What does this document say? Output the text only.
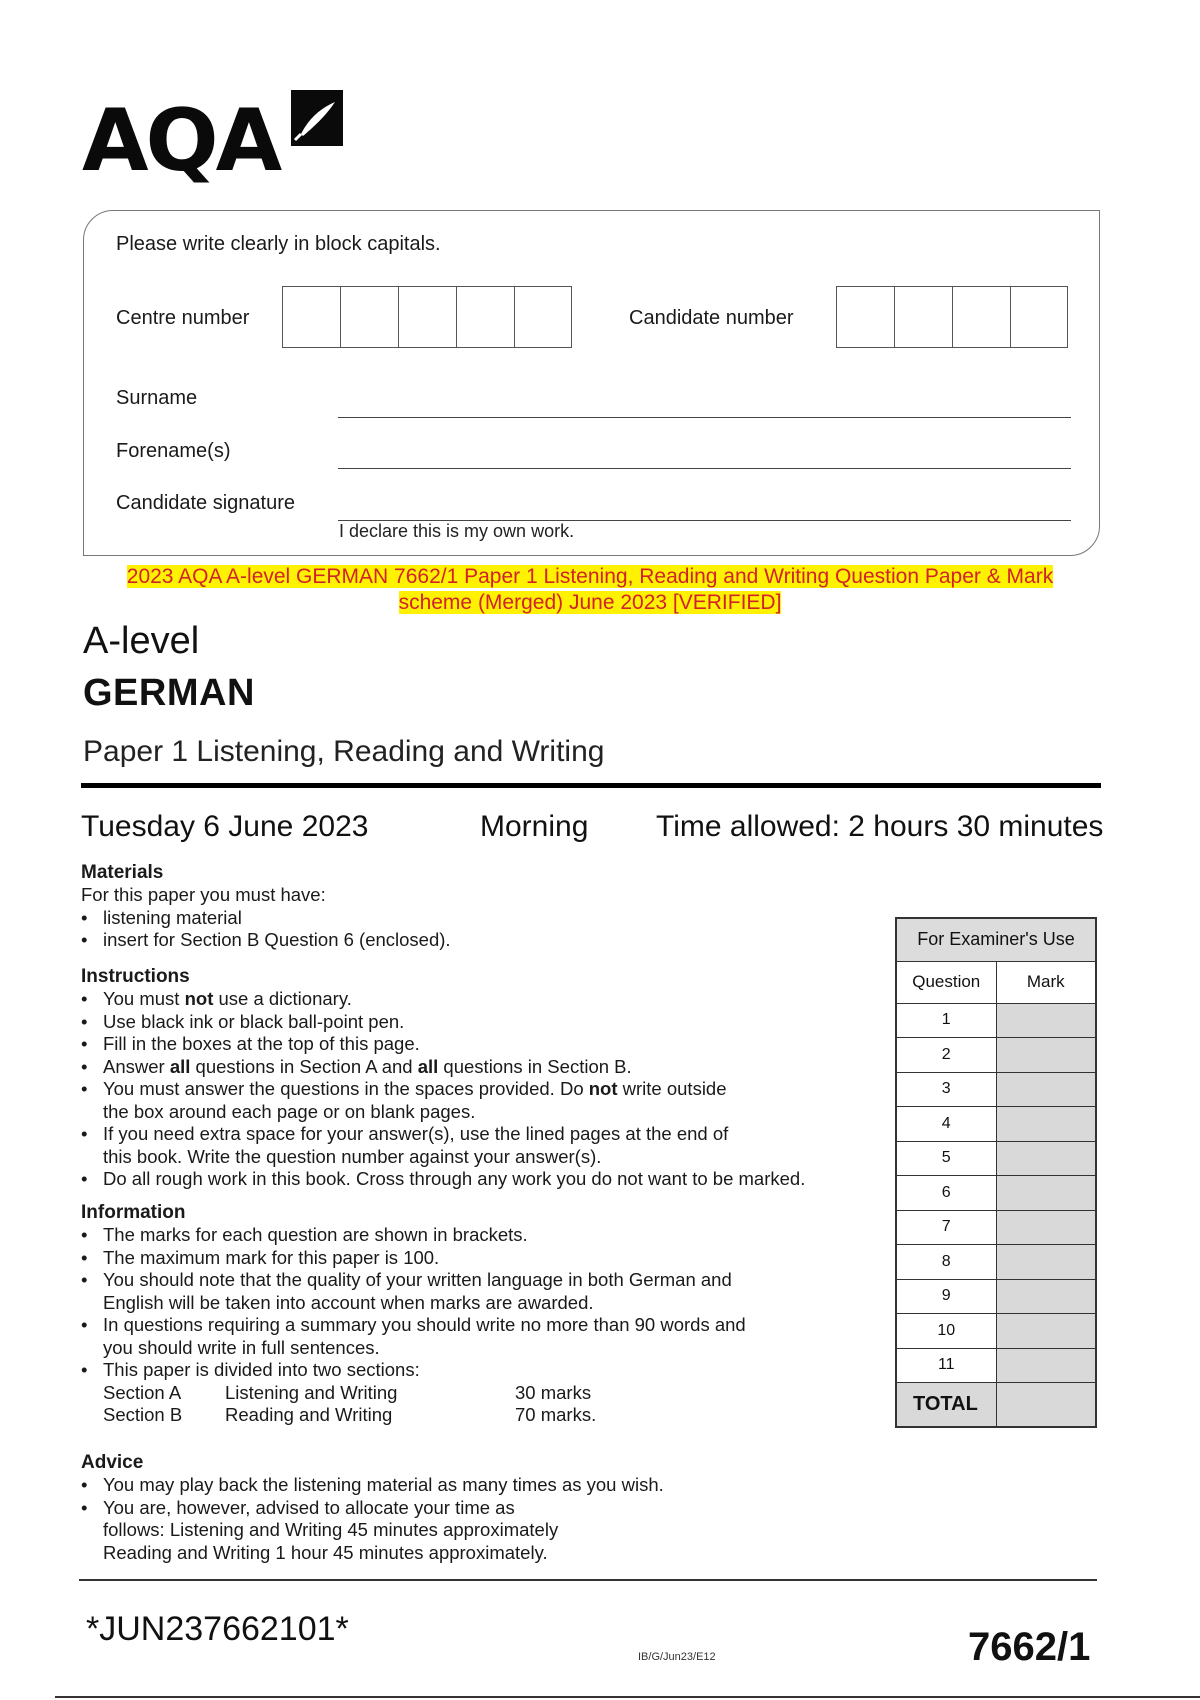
AQA
Please write clearly in block capitals.
Centre number	Candidate number
Surname
Forename(s)
Candidate signature
I declare this is my own work.
2023 AQA A-level GERMAN 7662/1 Paper 1 Listening, Reading and Writing Question Paper & Mark
scheme (Merged) June 2023 [VERIFIED]
A-level
GERMAN
Paper 1 Listening, Reading and Writing
Tuesday 6 June 2023	Morning Time allowed: 2 hours 30 minutes
Materials
For this paper you must have:
• listening material
• insert for Section B Question 6 (enclosed).
Instructions
• You must not use a dictionary.
• Use black ink or black ball-point pen.
• Fill in the boxes at the top of this page.
• Answer all questions in Section A and all questions in Section B.
• You must answer the questions in the spaces provided. Do not write outside
the box around each page or on blank pages.
• If you need extra space for your answer(s), use the lined pages at the end of
this book. Write the question number against your answer(s).
• Do all rough work in this book. Cross through any work you do not want to be marked.
Information
• The marks for each question are shown in brackets.
• The maximum mark for this paper is 100.
• You should note that the quality of your written language in both German and
English will be taken into account when marks are awarded.
• In questions requiring a summary you should write no more than 90 words and
you should write in full sentences.
• This paper is divided into two sections:
Section A	Listening and Writing	30 marks
Section B	Reading and Writing	70 marks.
Advice
• You may play back the listening material as many times as you wish.
• You are, however, advised to allocate your time as
follows: Listening and Writing 45 minutes approximately
Reading and Writing 1 hour 45 minutes approximately.
For Examiner's Use	
Question	Mark
1	
2	
3	
4	
5	
6	
7	
8	
9	
10	
11	
TOTAL	
*JUN237662101*
IB/G/Jun23/E12	7662/1
